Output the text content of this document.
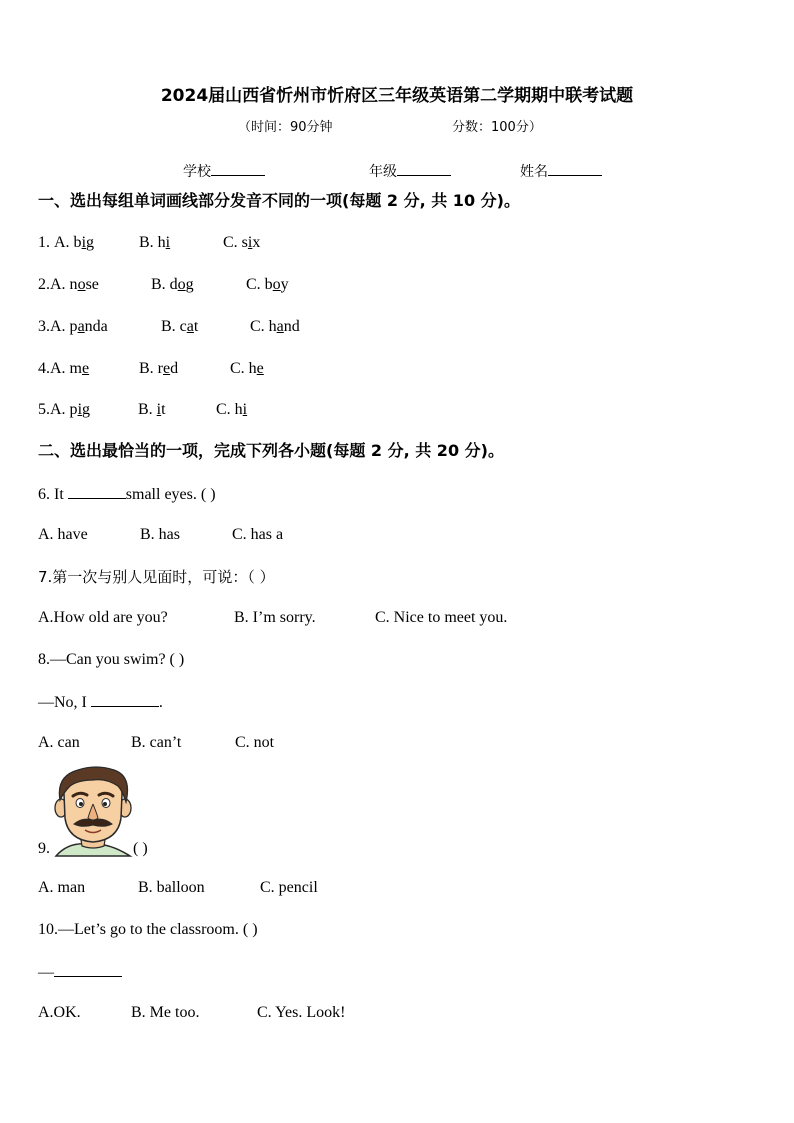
2024届山西省忻州市忻府区三年级英语第二学期期中联考试题
（时间：90分钟	分数：100分）
学校	年级	姓名
一、选出每组单词画线部分发音不同的一项(每题 2 分, 共 10 分)。
1. A. big	B. hi	C. six
2.A. nose	B. dog	C. boy
3.A. panda	B. cat	C. hand
4.A. me	B. red	C. he
5.A. pig	B. it	C. hi
二、选出最恰当的一项，完成下列各小题(每题 2 分, 共 20 分)。
6. It	small eyes. ( )
A. have	B. has	C. has a
7.第一次与别人见面时，可说：（ ）
A.How old are you?	B. I’m sorry.	C. Nice to meet you.
8.—Can you swim? ( )
—No, I	.
A. can	B. can’t	C. not
9.	( )
A. man	B. balloon	C. pencil
10.—Let’s go to the classroom. ( )
—
A.OK.	B. Me too.	C. Yes. Look!
